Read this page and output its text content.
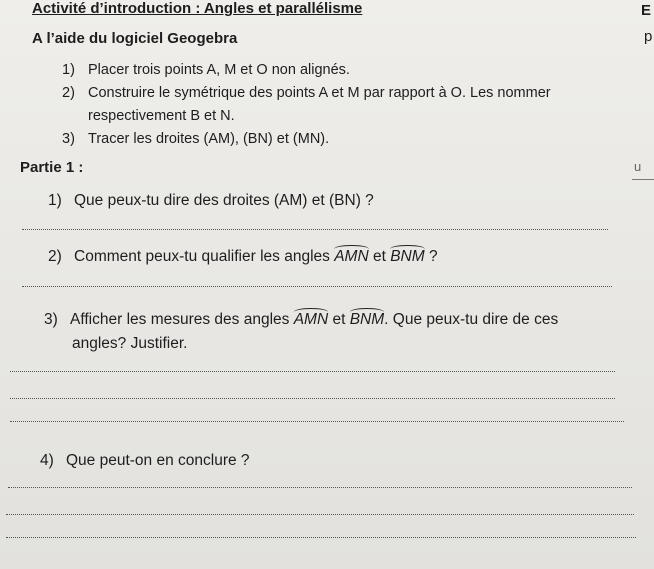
Activité d’introduction : Angles et parallélisme	E
A l’aide du logiciel Geogebra	p
1) Placer trois points A, M et O non alignés.
2) Construire le symétrique des points A et M par rapport à O. Les nommer
respectivement B et N.
3) Tracer les droites (AM), (BN) et (MN).
Partie 1 :	u
1) Que peux-tu dire des droites (AM) et (BN) ?
2) Comment peux-tu qualifier les angles AMN et BNM ?
3) Afficher les mesures des angles AMN et BNM. Que peux-tu dire de ces
angles? Justifier.
4) Que peut-on en conclure ?
